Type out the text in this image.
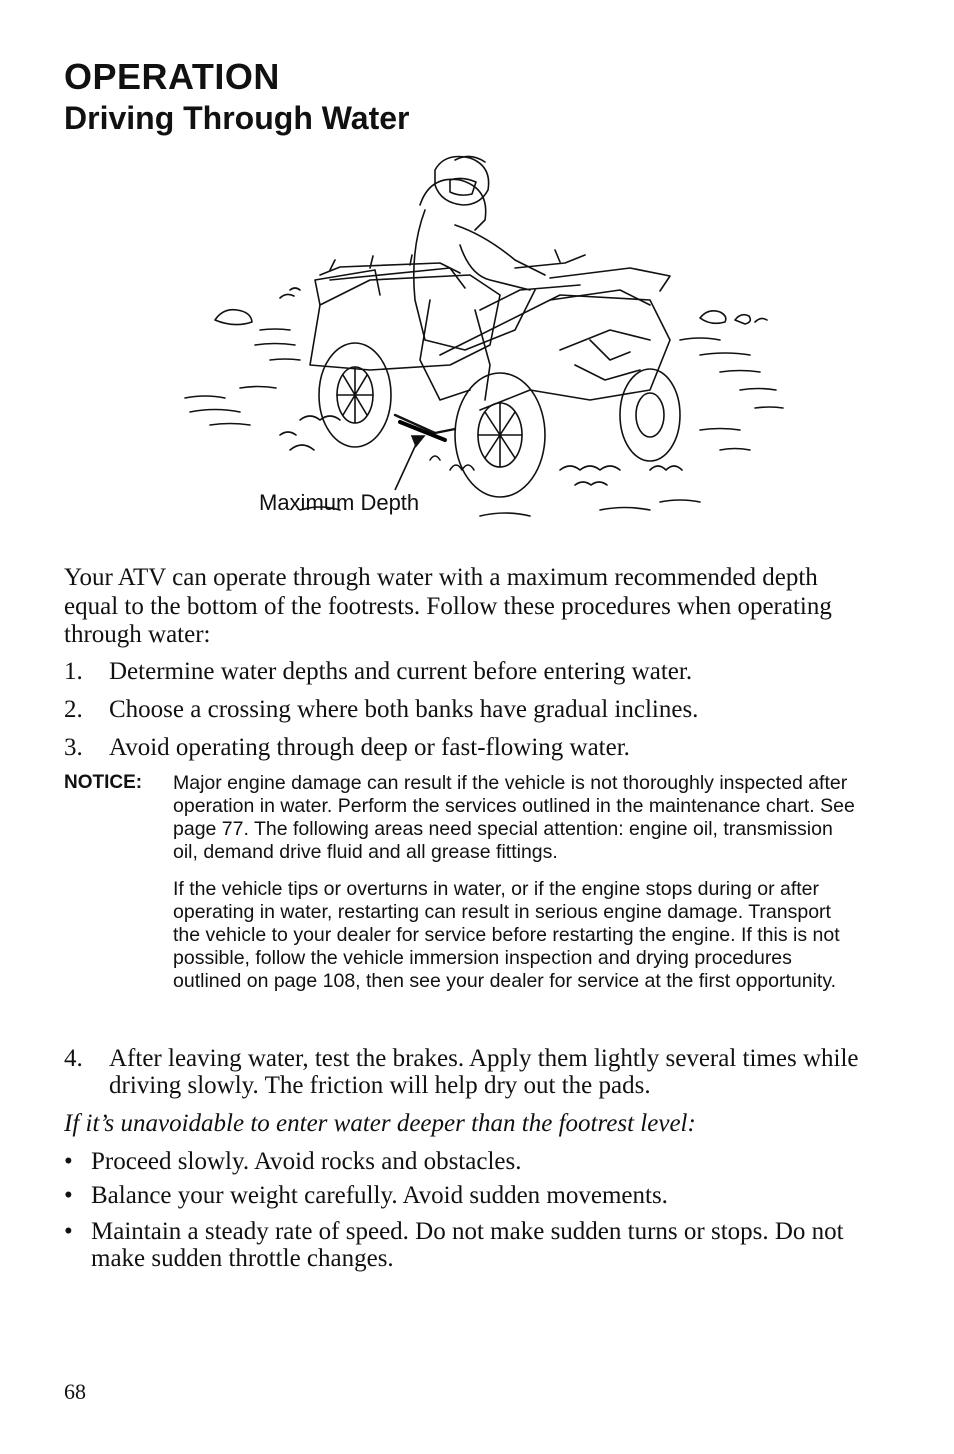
OPERATION
Driving Through Water
Maximum Depth

Your ATV can operate through water with a maximum recommended depth equal to the bottom of the footrests. Follow these procedures when operating through water:

1. Determine water depths and current before entering water.
2. Choose a crossing where both banks have gradual inclines.
3. Avoid operating through deep or fast-flowing water.
NOTICE: Major engine damage can result if the vehicle is not thoroughly inspected after operation in water. Perform the services outlined in the maintenance chart. See page 77. The following areas need special attention: engine oil, transmission oil, demand drive fluid and all grease fittings.

If the vehicle tips or overturns in water, or if the engine stops during or after operating in water, restarting can result in serious engine damage. Transport the vehicle to your dealer for service before restarting the engine. If this is not possible, follow the vehicle immersion inspection and drying procedures outlined on page 108, then see your dealer for service at the first opportunity.

4. After leaving water, test the brakes. Apply them lightly several times while driving slowly. The friction will help dry out the pads.

If it’s unavoidable to enter water deeper than the footrest level:

• Proceed slowly. Avoid rocks and obstacles.
• Balance your weight carefully. Avoid sudden movements.
• Maintain a steady rate of speed. Do not make sudden turns or stops. Do not make sudden throttle changes.
68
